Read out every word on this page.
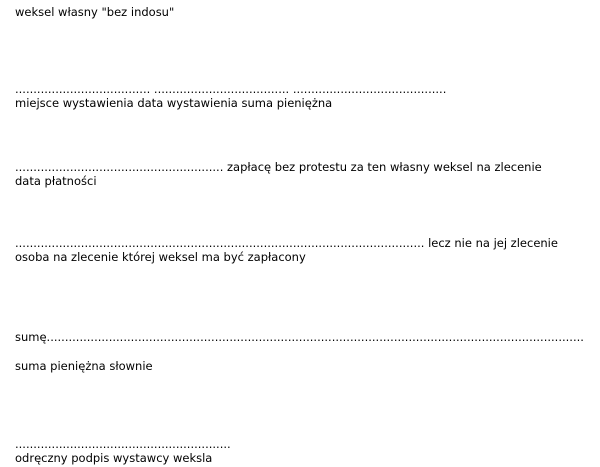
weksel własny "bez indosu"
..................................... ..................................... ..........................................
miejsce wystawienia data wystawienia suma pieniężna
......................................................... zapłacę bez protestu za ten własny weksel na zlecenie
data płatności
................................................................................................................ lecz nie na jej zlecenie
osoba na zlecenie której weksel ma być zapłacony
sumę...................................................................................................................................................
suma pieniężna słownie
...........................................................
odręczny podpis wystawcy weksla
